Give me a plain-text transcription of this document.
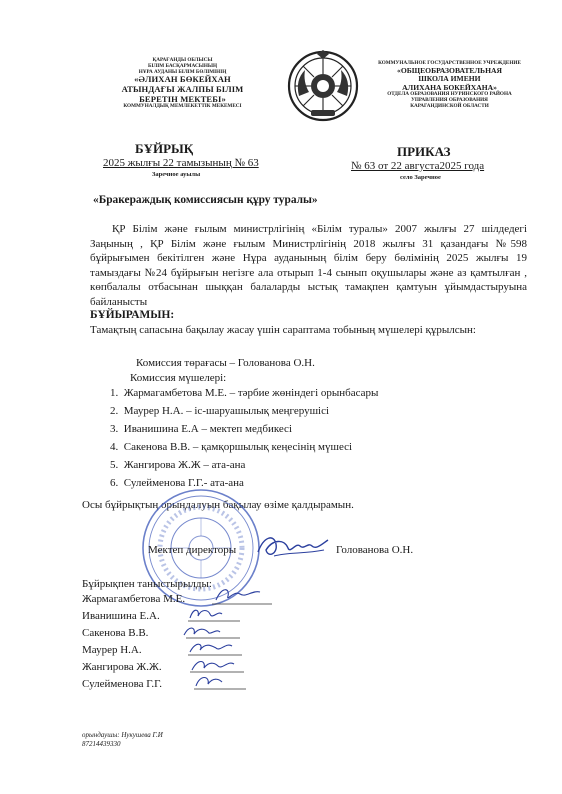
ҚАРАҒАНДЫ ОБЛЫСЫ
БІЛІМ БАСҚАРМАСЫНЫҢ
НҰРА АУДАНЫ БІЛІМ БӨЛІМІНІҢ
«ӘЛИХАН БӨКЕЙХАН
АТЫНДАҒЫ ЖАЛПЫ БІЛІМ
БЕРЕТІН МЕКТЕБІ»
КОММУНАЛДЫҚ МЕМЛЕКЕТТІК МЕКЕМЕСІ
КОММУНАЛЬНОЕ ГОСУДАРСТВЕННОЕ УЧРЕЖДЕНИЕ
«ОБЩЕОБРАЗОВАТЕЛЬНАЯ
ШКОЛА ИМЕНИ
АЛИХАНА БОКЕЙХАНА»
ОТДЕЛА ОБРАЗОВАНИЯ НУРИНСКОГО РАЙОНА
УПРАВЛЕНИЯ ОБРАЗОВАНИЯ
КАРАГАНДИНСКОЙ ОБЛАСТИ
БҰЙРЫҚ
2025 жылғы 22 тамызының № 63
Заречное ауылы
ПРИКАЗ
№ 63 от 22 августа2025 года
село Заречное
«Бракераждық комиссиясын құру туралы»
ҚР Білім және ғылым министрлігінің «Білім туралы» 2007 жылғы 27 шілдедегі Заңының , ҚР Білім және ғылым Министрлігінің 2018 жылғы 31 қазандағы №598 бұйрығымен бекітілген және Нұра ауданының білім беру бөлімінің 2025 жылғы 19 тамыздағы №24 бұйрығын негізге ала отырып 1-4 сынып оқушылары және аз қамтылған , көпбалалы отбасынан шыққан балаларды ыстық тамақпен қамтуын ұйымдастыруына байланысты
БҰЙЫРАМЫН:
Тамақтың сапасына бақылау жасау үшін сараптама тобының мүшелері құрылсын:
Комиссия төрағасы – Голованова О.Н.
Комиссия мүшелері:
1.  Жармагамбетова М.Е. – тәрбие жөніндегі орынбасары
2.  Маурер Н.А. – іс-шаруашылық меңгерушісі
3.  Иванишина Е.А – мектеп медбикесі
4.  Сакенова В.В. – қамқоршылық кеңесінің мүшесі
5.  Жангирова Ж.Ж – ата-ана
6.  Сулейменова Г.Г.- ата-ана
Осы бұйрықтың орындалуын бақылау өзіме қалдырамын.
Мектеп директоры	Голованова О.Н.
Бұйрықпен таныстырылды:
Жармагамбетова М.Е.
Иванишина Е.А.
Сакенова В.В.
Маурер Н.А.
Жангирова Ж.Ж.
Сулейменова Г.Г.
орындаушы: Нукушева Г.И
87214439330
